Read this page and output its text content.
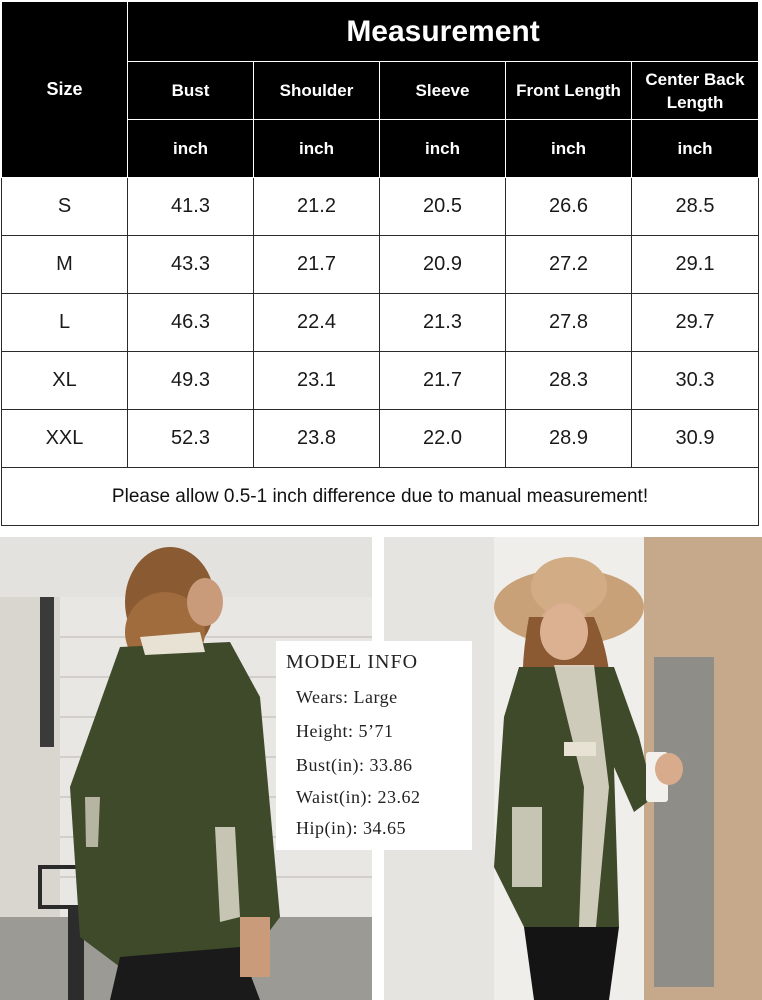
Size	Measurement				
	Bust	Shoulder	Sleeve	Front Length	Center Back Length
	inch	inch	inch	inch	inch
S	41.3	21.2	20.5	26.6	28.5
M	43.3	21.7	20.9	27.2	29.1
L	46.3	22.4	21.3	27.8	29.7
XL	49.3	23.1	21.7	28.3	30.3
XXL	52.3	23.8	22.0	28.9	30.9
Please allow 0.5-1 inch difference due to manual measurement!					
MODEL INFO
Wears: Large
Height: 5’71
Bust(in): 33.86
Waist(in): 23.62
Hip(in): 34.65
